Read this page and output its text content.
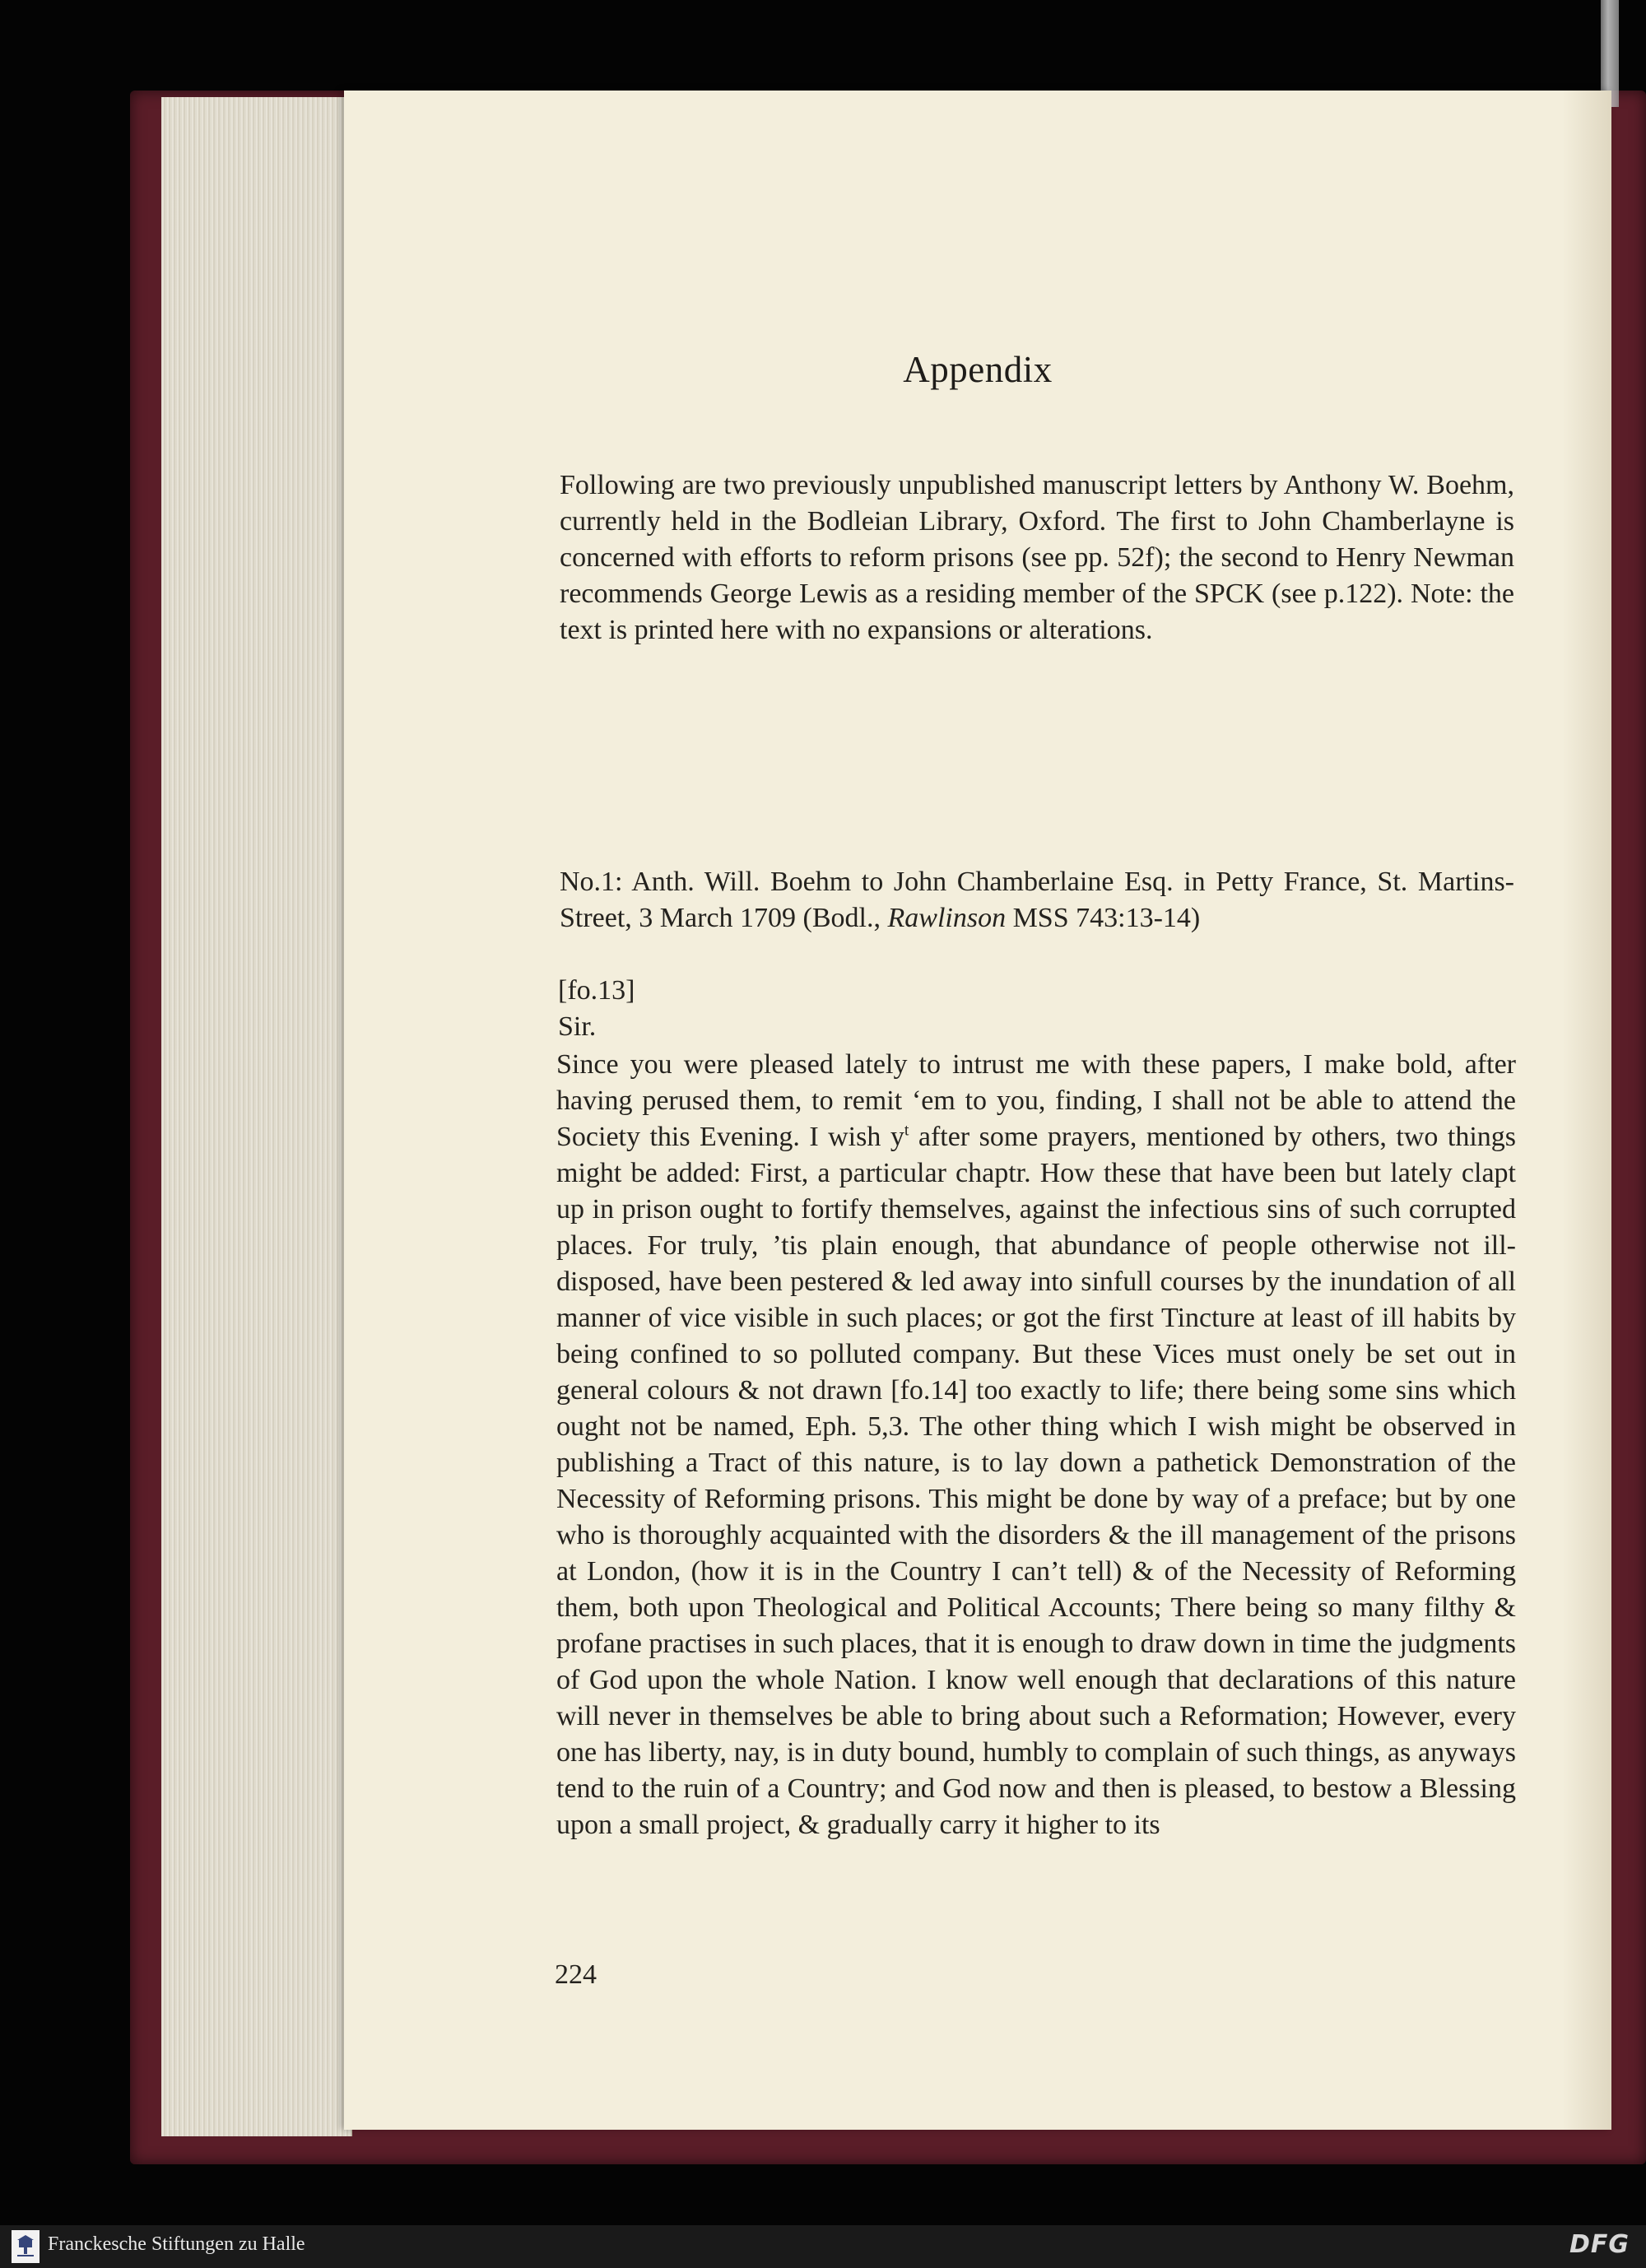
Appendix
Following are two previously unpublished manuscript letters by Anthony W. Boehm, currently held in the Bodleian Library, Oxford. The first to John Chamberlayne is concerned with efforts to reform prisons (see pp. 52f); the second to Henry Newman recommends George Lewis as a residing member of the SPCK (see p.122). Note: the text is printed here with no expansions or alterations.
No.1: Anth. Will. Boehm to John Chamberlaine Esq. in Petty France, St. Martins-Street, 3 March 1709 (Bodl., Rawlinson MSS 743:13-14)
[fo.13]
Sir.
Since you were pleased lately to intrust me with these papers, I make bold, after having perused them, to remit ‘em to you, finding, I shall not be able to attend the Society this Evening. I wish $y^t$ after some prayers, mentioned by others, two things might be added: First, a particular chaptr. How these that have been but lately clapt up in prison ought to fortify themselves, against the infectious sins of such corrupted places. For truly, ’tis plain enough, that abundance of people otherwise not ill-disposed, have been pestered & led away into sinfull courses by the inundation of all manner of vice visible in such places; or got the first Tincture at least of ill habits by being confined to so polluted company. But these Vices must onely be set out in general colours & not drawn [fo.14] too exactly to life; there being some sins which ought not be named, Eph. 5,3. The other thing which I wish might be observed in publishing a Tract of this nature, is to lay down a pathetick Demonstration of the Necessity of Reforming prisons. This might be done by way of a preface; but by one who is thoroughly acquainted with the disorders & the ill management of the prisons at London, (how it is in the Country I can’t tell) & of the Necessity of Reforming them, both upon Theological and Political Accounts; There being so many filthy & profane practises in such places, that it is enough to draw down in time the judgments of God upon the whole Nation. I know well enough that declarations of this nature will never in themselves be able to bring about such a Reformation; However, every one has liberty, nay, is in duty bound, humbly to complain of such things, as anyways tend to the ruin of a Country; and God now and then is pleased, to bestow a Blessing upon a small project, & gradually carry it higher to its
224
Franckesche Stiftungen zu Halle	DFG
